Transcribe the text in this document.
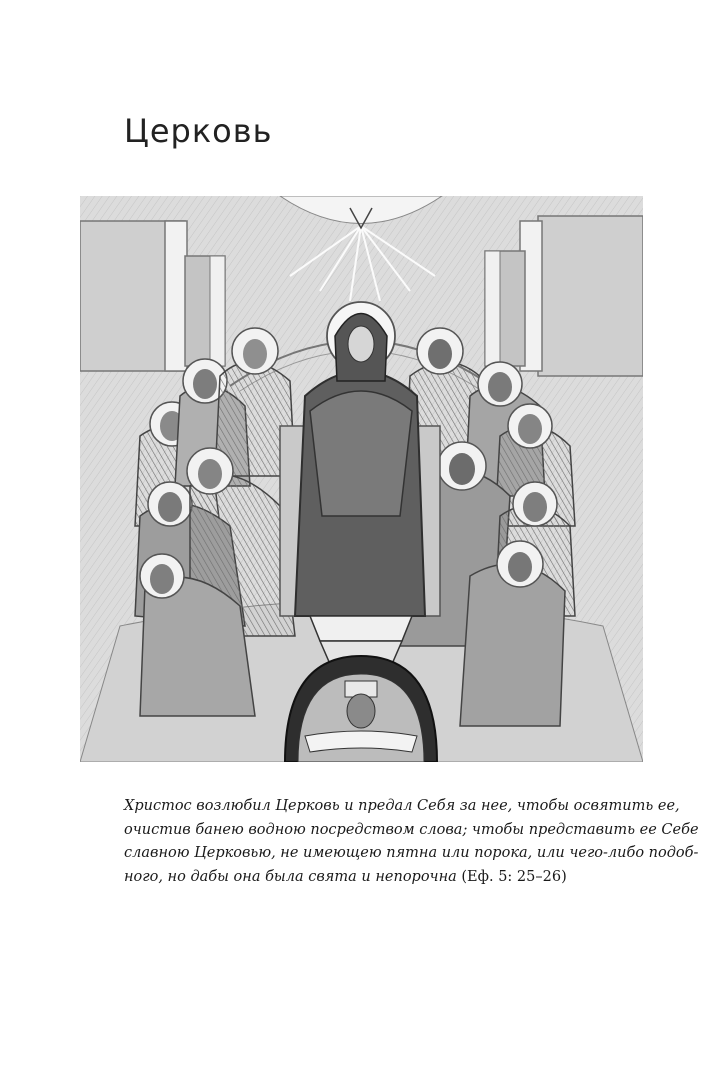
Церковь
Христос возлюбил Церковь и предал Себя за нее, чтобы освятить ее,
очистив банею водною посредством слова; чтобы представить ее Себе
славною Церковью, не имеющею пятна или порока, или чего-либо подоб-
ного, но дабы она была свята и непорочна (Еф. 5: 25–26)
